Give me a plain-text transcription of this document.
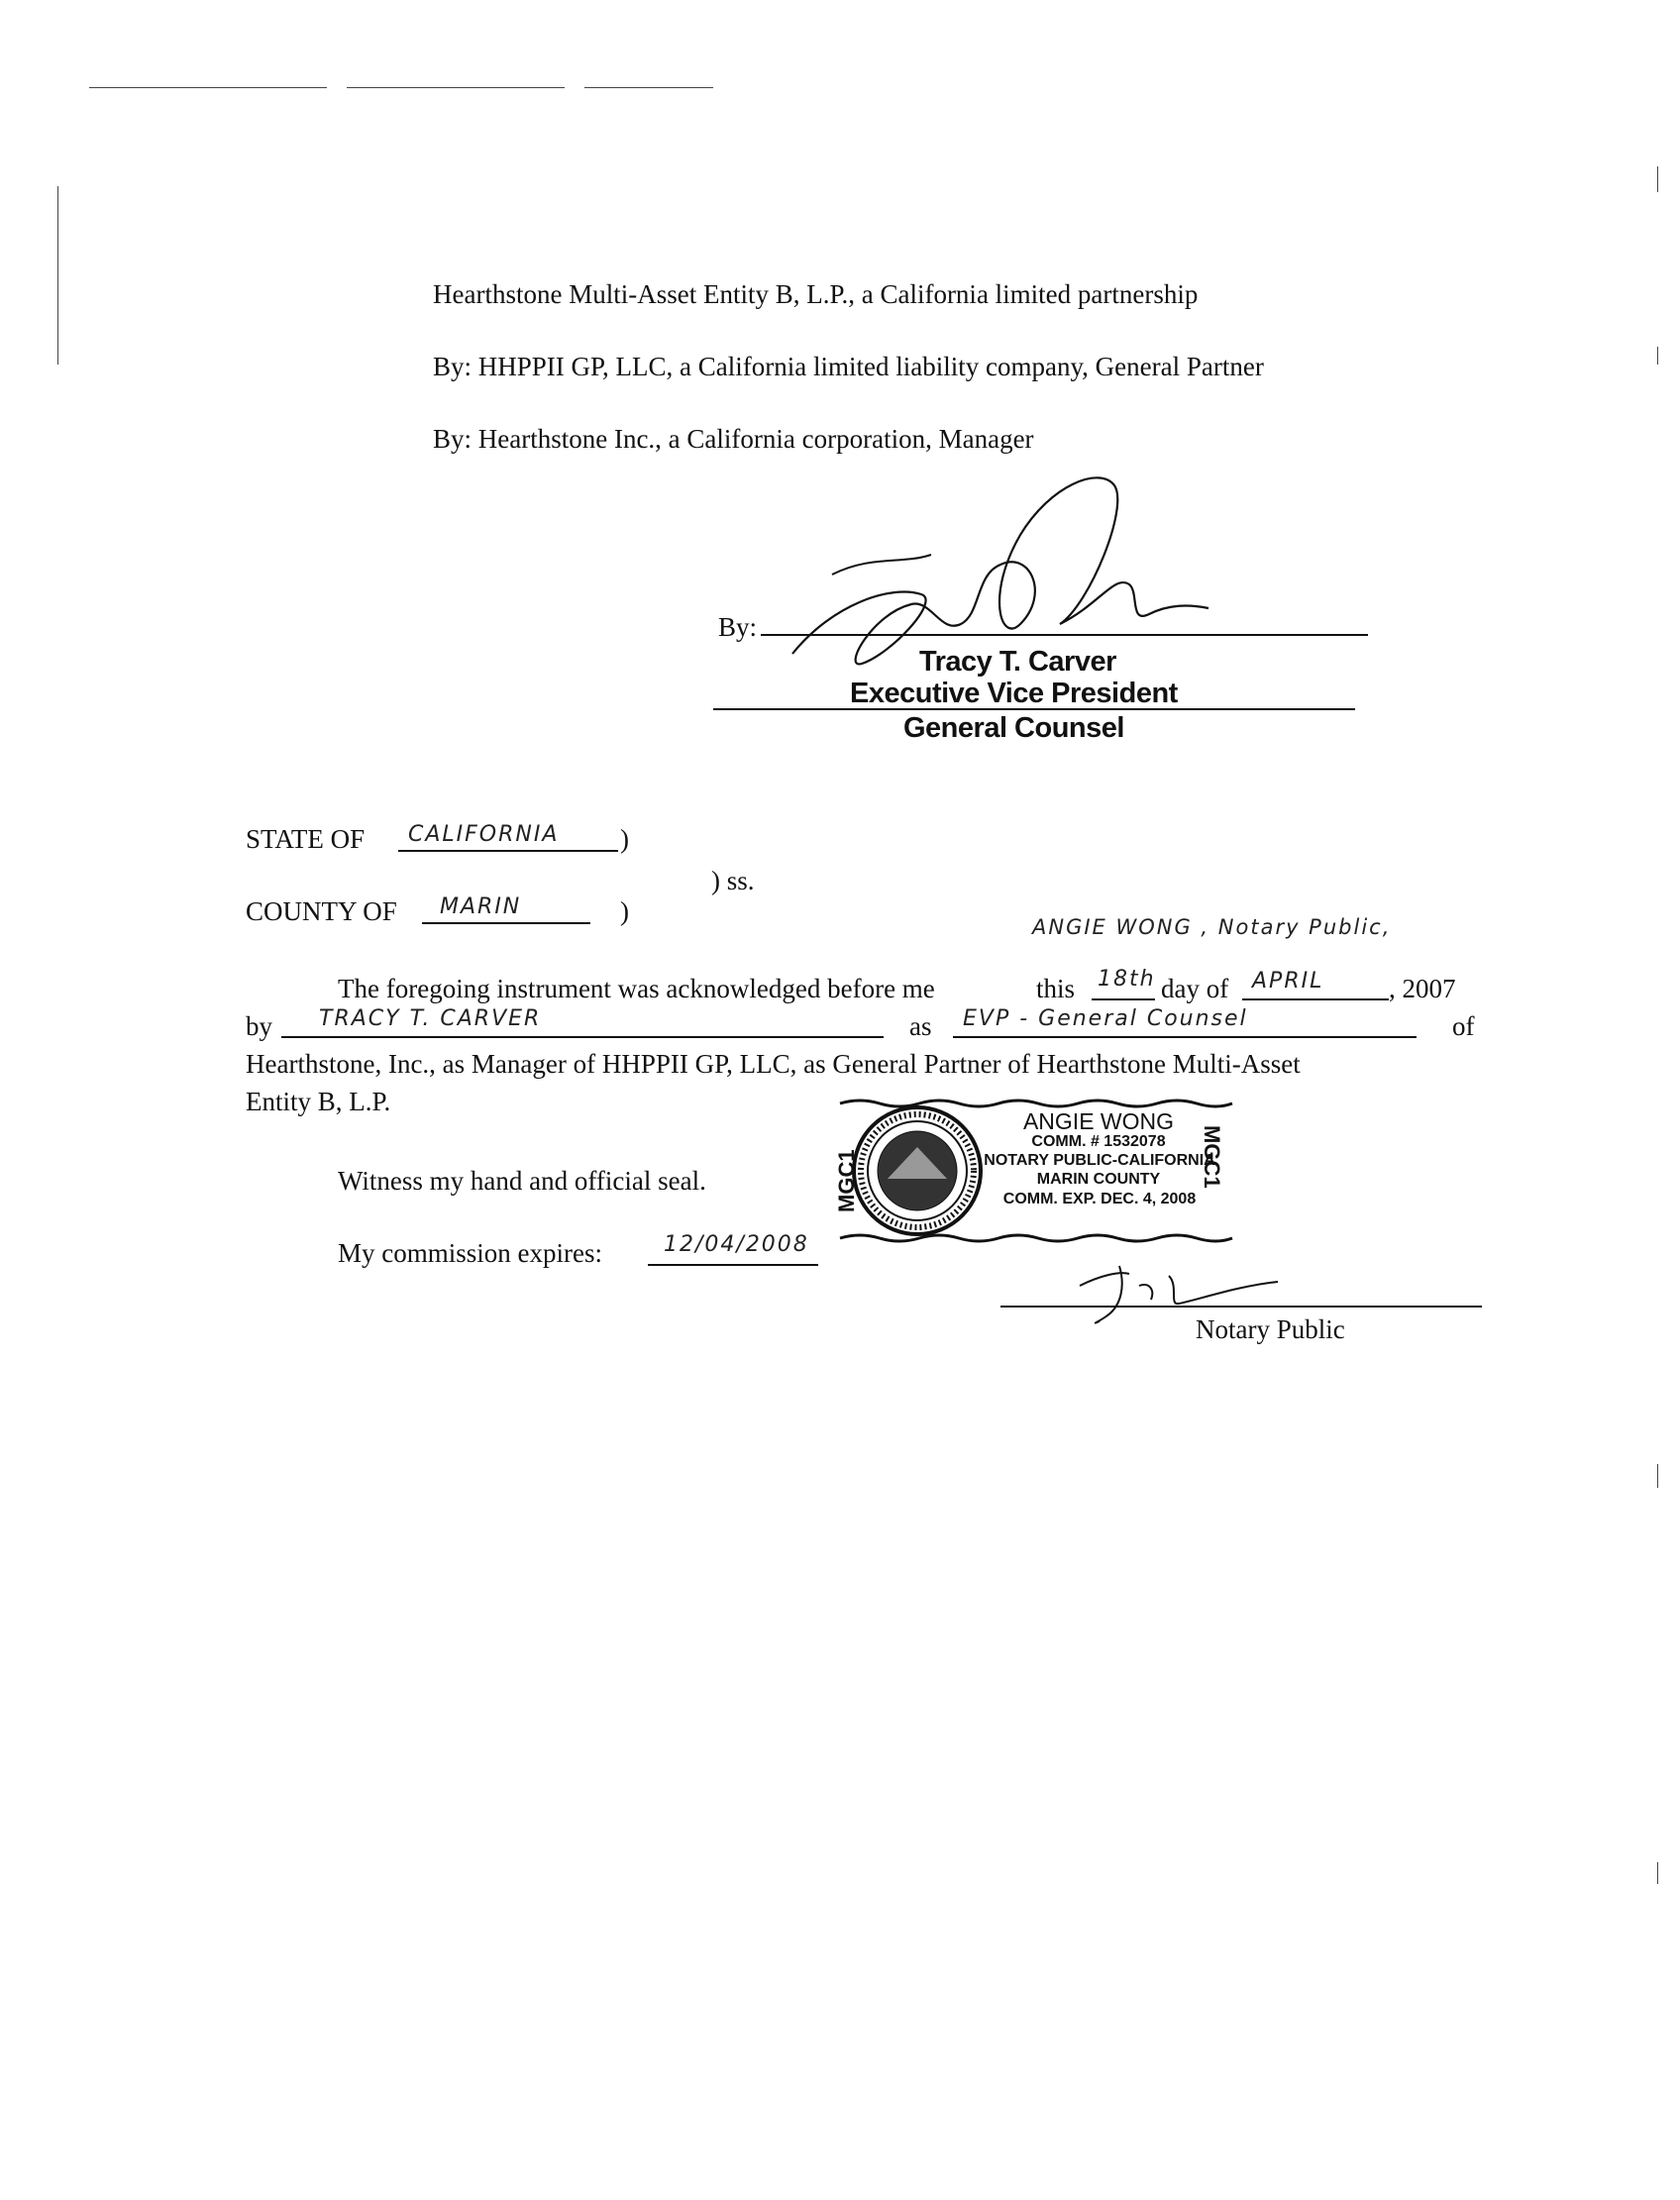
Hearthstone Multi-Asset Entity B, L.P., a California limited partnership
By: HHPPII GP, LLC, a California limited liability company, General Partner
By: Hearthstone Inc., a California corporation, Manager
By:
Tracy T. Carver
Executive Vice President
General Counsel
STATE OF CALIFORNIA )
) ss.
COUNTY OF MARIN	)
ANGIE WONG , Notary Public,
The foregoing instrument was acknowledged before me	this 18th day of APRIL , 2007
by TRACY T. CARVER	as EVP - General Counsel	of
Hearthstone, Inc., as Manager of HHPPII GP, LLC, as General Partner of Hearthstone Multi-Asset
Entity B, L.P.
Witness my hand and official seal.
My commission expires:	12/04/2008
MGC1	MGC1
ANGIE WONG
COMM. # 1532078
NOTARY PUBLIC-CALIFORNIA
MARIN COUNTY
COMM. EXP. DEC. 4, 2008
Notary Public
